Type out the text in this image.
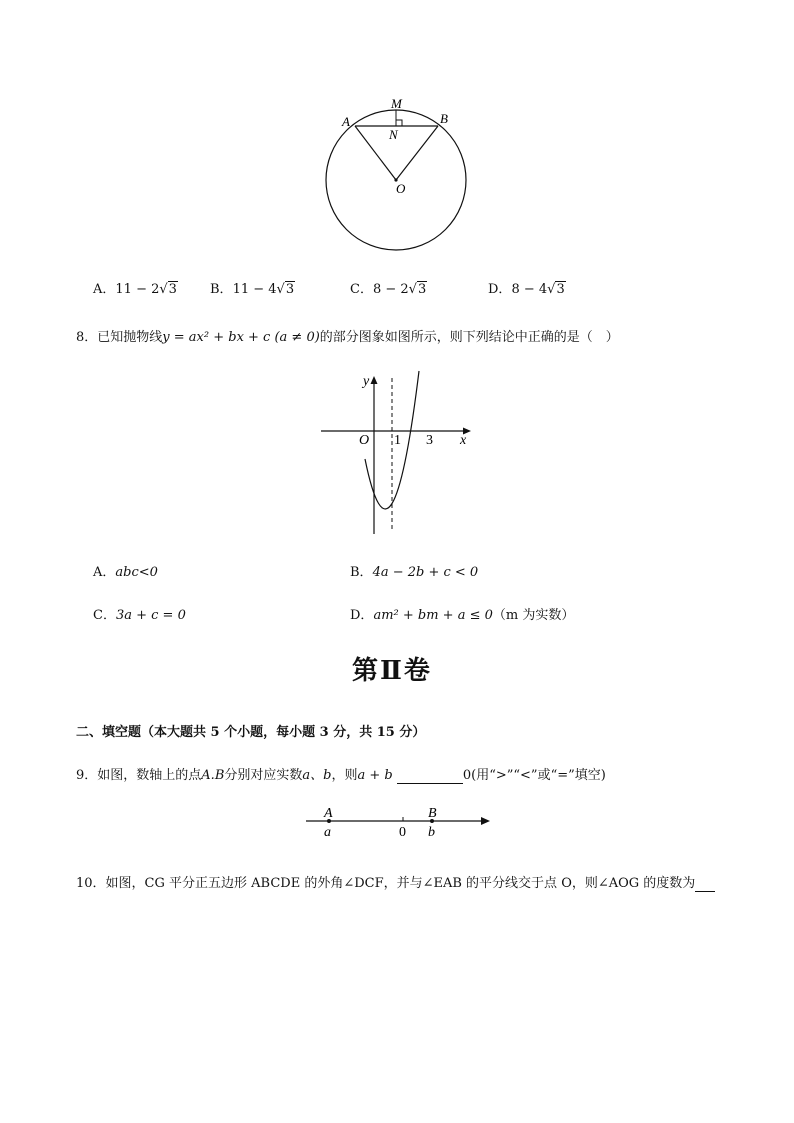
M
A	B
N
O
A．11 − 2√3	B．11 − 4√3	C．8 − 2√3	D．8 − 4√3
8．已知抛物线y = ax² + bx + c (a ≠ 0)的部分图象如图所示，则下列结论中正确的是（　）
y
x
O 1 3
A．abc<0	B．4a − 2b + c < 0
C．3a + c = 0	D．am² + bm + a ≤ 0（m 为实数）
第Ⅱ卷
二、填空题（本大题共 5 个小题，每小题 3 分，共 15 分）
9．如图，数轴上的点A.B分别对应实数a、b，则a + b	0(用“>”“<”或“=”填空)
A
a	0
B
b
10．如图，CG 平分正五边形 ABCDE 的外角∠DCF，并与∠EAB 的平分线交于点 O，则∠AOG 的度数为
